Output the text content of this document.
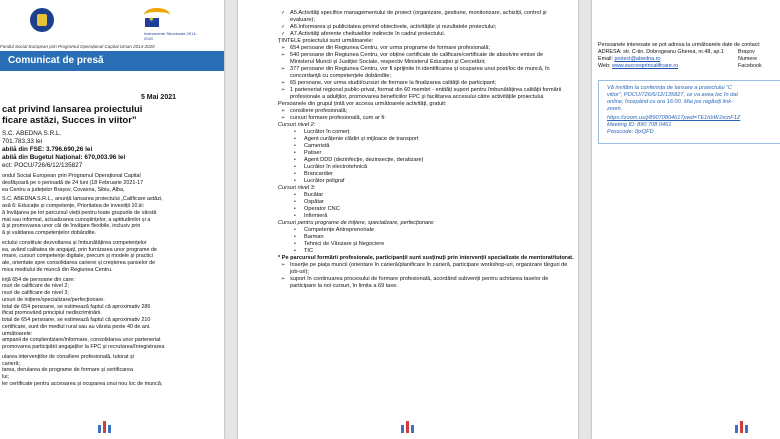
✶
Instrumente Structurale 2014-2020
Fondul Social European prin Programul Operațional Capital Uman 2014-2020
Comunicat de presă
5 Mai 2021
cat privind lansarea proiectului
ficare astăzi, Succes în viitor”
S.C. ABEDNA S.R.L.
701.783,33 lei
abilă din FSE: 3.796.690,26 lei
abilă din Bugetul Național: 670,003.96 lei
ect: POCU/726/6/12/135827
ondul Social European prin Programul Operațional Capital
desfășoară pe o perioadă de 24 luni (18 Februarie 2021-17
ea Centru a județelor Brașov, Covasna, Sibiu, Alba,
S.C. ABEDNA S.R.L., anunță lansarea proiectului „Calificare astăzi,
axă 6: Educație și competențe, Prioritatea de investiții 10.iii:
ă învățarea pe tot parcursul vieții pentru toate grupurile de vârstă
mal sau informal, actualizarea cunoștințelor, a aptitudinilor și a
ă și promovarea unor căi de învățare flexibile, inclusiv prin
ă și validarea competențelor dobândite.
ectului constituie dezvoltarea și îmbunătățirea competențelor
ea, având calitatea de angajați, prin furnizarea unor programe de
rmare, cursuri competențe digitale, precum și modele și practici
ale, orientate spre consolidarea carierei și creșterea șanselor de
mica mediului de muncă din Regiunea Centru.
ință 654 de persoane din care:
rsuri de calificare de nivel 2;
rsuri de calificare de nivel 3;
ursuri de inițiere/specializare/perfecționare.
total de 654 persoane, se estimează faptul că aproximativ 286
ificat promovând principiul nediscriminării.
total de 654 persoane, se estimează faptul că aproximativ 210
certificare, sunt din mediul rural sau au vârsta peste 40 de ani.
următoarele:
ampanii de conștientizare/informare, consolidarea unor parteneriat
promovarea participării angajaților la FPC și recrutarea/înregistrarea
ularea intervențiilor de consiliere profesională, tutorat și
carieră;
tarea, derularea de programe de formare și certificarea
lui;
ler certificate pentru accesarea și ocuparea unui nou loc de muncă;
✓ A5.Activități specifice managementului de proiect (organizare, gestiune, monitorizare, achiziții, control și evaluare);
✓ A6.Informarea și publicitatea privind obiectivele, activitățile și rezultatele proiectului;
✓ A7.Activități aferente cheltuielilor indirecte în cadrul proiectului.
ȚINTELE proiectului sunt următoarele:
➢ 654 persoane din Regiunea Centru, vor urma programe de formare profesională;
➢ 540 persoane din Regiunea Centru, vor obține certificate de calificare/certificate de absolvire emise de Ministerul Muncii și Justiției Sociale, respectiv Ministerul Educației și Cercetării;
➢ 377 persoane din Regiunea Centru, vor fi sprijinite în identificarea și ocuparea unui post/loc de muncă, în concordanță cu competențele dobândite;
➢ 65 persoane, vor urma studii/cursuri de formare la finalizarea calității de participant;
➢ 1 parteneriat regional public-privat, format din 60 membri - entități suport pentru îmbunătățirea calității formării profesionale a adulților, promovarea beneficiilor FPC și facilitarea accesului către activitățile proiectului.
Persoanele din grupul țintă vor accesa următoarele activități, gratuit:
➢ consiliere profesională;
➢ cursuri formare profesională, cum ar fi:
Cursuri nivel 2:
• Lucrător în comerț
• Agent curățenie clădiri și mijloace de transport
• Cameristă
• Patiser
• Agent DDD (dezinfecție, dezinsecție, deratizare)
• Lucrător în electrotehnică
• Brancardier
• Lucrător poligraf
Cursuri nivel 3:
• Bucătar
• Ospătar
• Operator CNC
• Infirmieră
Cursuri pentru programe de inițiere, specializare, perfecționare:
• Competențe Antreprenoriale
• Barman
• Tehnici de Vânzare și Negociere
• TIC
* Pe parcursul formării profesionale, participanții sunt susținuți prin intervenții specializate de mentorat/tutorat.
➢ Inserție pe piața muncii (orientare în carieră/planificare în carieră, participare workshop-uri, organizare târguri de job-uri);
➢ suport în continuarea procesului de formare profesională, acordând subvenții pentru achitarea taxelor de participare la noi cursuri, în limita a 69 taxe.
Persoanele interesate se pot adresa la următoarele date de contact:
ADRESA: str. C-tin. Dobrogeanu Gherea, nr.48, ap.1	Brașov
Email: proiect@abedna.ro	Numere
Web: www.succesprincalificare.ro	Facebook
Vă invităm la conferința de lansare a proiectului “C
viitor”, POCU/726/6/12/135827, ce va avea loc în dat
online, începând cu ora 16:00. Mai jos regăsiți link-
zoom.
https://zoom.us/j/89070804617pwd=TE1hbWJxcnF1Z
Meeting ID: 890 708 0461
Passcode: 0jxQFD
